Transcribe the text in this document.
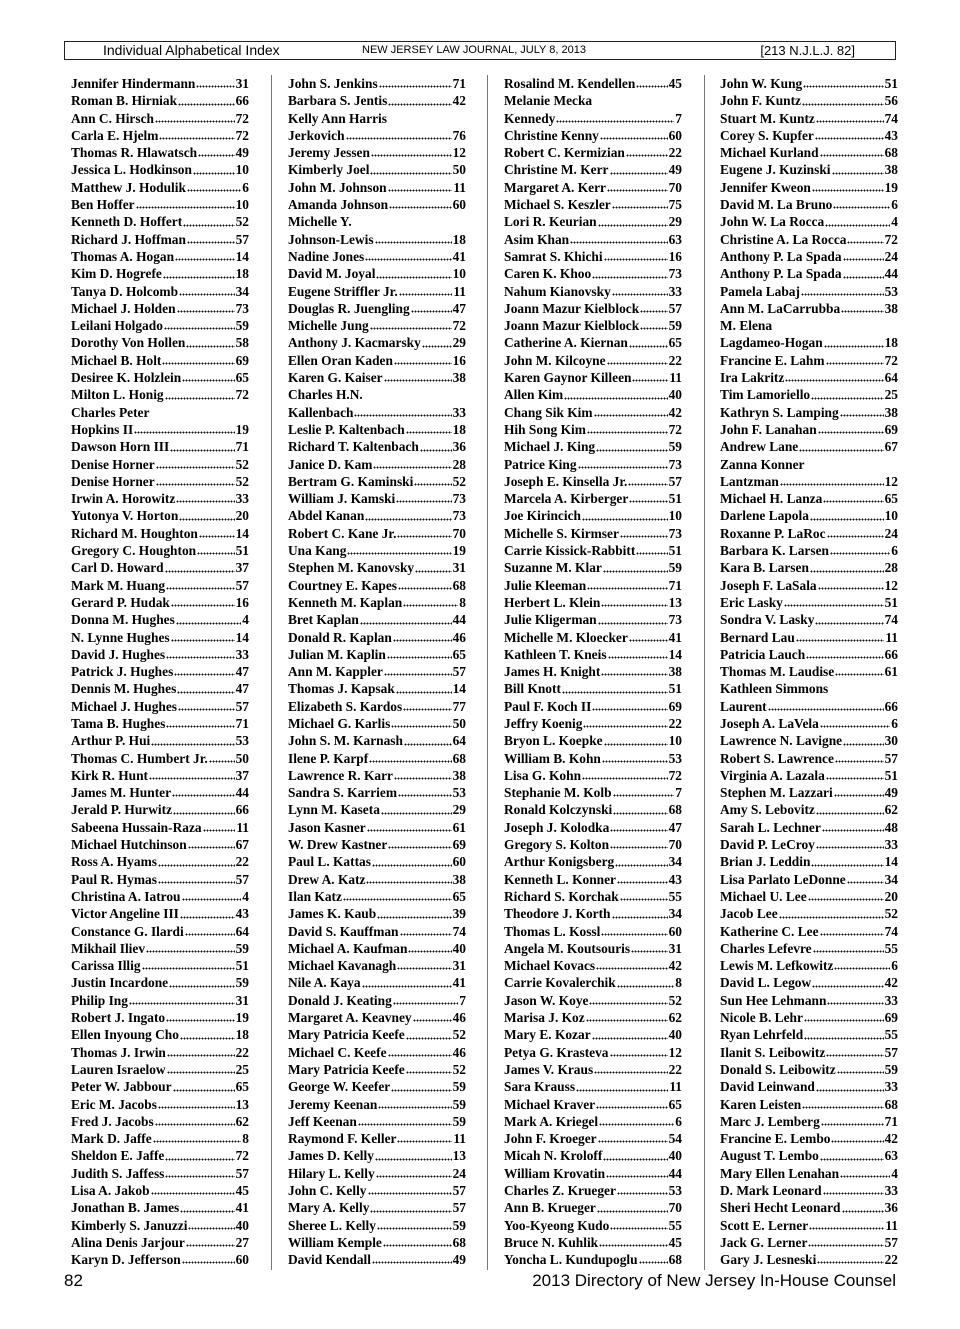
Individual Alphabetical Index	NEW JERSEY LAW JOURNAL, JULY 8, 2013	[213 N.J.L.J. 82]
Jennifer Hindermann	31
Roman B. Hirniak	66
Ann C. Hirsch	72
Carla E. Hjelm	72
Thomas R. Hlawatsch	49
Jessica L. Hodkinson	10
Matthew J. Hodulik	6
Ben Hoffer	10
Kenneth D. Hoffert	52
Richard J. Hoffman	57
Thomas A. Hogan	14
Kim D. Hogrefe	18
Tanya D. Holcomb	34
Michael J. Holden	73
Leilani Holgado	59
Dorothy Von Hollen	58
Michael B. Holt	69
Desiree K. Holzlein	65
Milton L. Honig	72
Charles Peter
Hopkins II	19
Dawson Horn III	71
Denise Horner	52
Denise Horner	52
Irwin A. Horowitz	33
Yutonya V. Horton	20
Richard M. Houghton	14
Gregory C. Houghton	51
Carl D. Howard	37
Mark M. Huang	57
Gerard P. Hudak	16
Donna M. Hughes	4
N. Lynne Hughes	14
David J. Hughes	33
Patrick J. Hughes	47
Dennis M. Hughes	47
Michael J. Hughes	57
Tama B. Hughes	71
Arthur P. Hui	53
Thomas C. Humbert Jr. 50
Kirk R. Hunt	37
James M. Hunter	44
Jerald P. Hurwitz	66
Sabeena Hussain-Raza	11
Michael Hutchinson	67
Ross A. Hyams	22
Paul R. Hymas	57
Christina A. Iatrou	4
Victor Angeline III	43
Constance G. Ilardi	64
Mikhail Iliev	59
Carissa Illig	51
Justin Incardone	59
Philip Ing	31
Robert J. Ingato	19
Ellen Inyoung Cho	18
Thomas J. Irwin	22
Lauren Israelow	25
Peter W. Jabbour	65
Eric M. Jacobs	13
Fred J. Jacobs	62
Mark D. Jaffe	8
Sheldon E. Jaffe	72
Judith S. Jaffess	57
Lisa A. Jakob	45
Jonathan B. James	41
Kimberly S. Januzzi	40
Alina Denis Jarjour	27
Karyn D. Jefferson	60
John S. Jenkins	71
Barbara S. Jentis	42
Kelly Ann Harris
Jerkovich	76
Jeremy Jessen	12
Kimberly Joel	50
John M. Johnson	11
Amanda Johnson	60
Michelle Y.
Johnson-Lewis	18
Nadine Jones	41
David M. Joyal	10
Eugene Striffler Jr.	11
Douglas R. Juengling	47
Michelle Jung	72
Anthony J. Kacmarsky 29
Ellen Oran Kaden	16
Karen G. Kaiser	38
Charles H.N.
Kallenbach	33
Leslie P. Kaltenbach	18
Richard T. Kaltenbach	36
Janice D. Kam	28
Bertram G. Kaminski	52
William J. Kamski	73
Abdel Kanan	73
Robert C. Kane Jr.	70
Una Kang	19
Stephen M. Kanovsky	31
Courtney E. Kapes	68
Kenneth M. Kaplan	8
Bret Kaplan	44
Donald R. Kaplan	46
Julian M. Kaplin	65
Ann M. Kappler	57
Thomas J. Kapsak	14
Elizabeth S. Kardos	77
Michael G. Karlis	50
John S. M. Karnash	64
Ilene P. Karpf	68
Lawrence R. Karr	38
Sandra S. Karriem	53
Lynn M. Kaseta	29
Jason Kasner	61
W. Drew Kastner	69
Paul L. Kattas	60
Drew A. Katz	38
Ilan Katz	65
James K. Kaub	39
David S. Kauffman	74
Michael A. Kaufman	40
Michael Kavanagh	31
Nile A. Kaya	41
Donald J. Keating	7
Margaret A. Keavney	46
Mary Patricia Keefe	52
Michael C. Keefe	46
Mary Patricia Keefe	52
George W. Keefer	59
Jeremy Keenan	59
Jeff Keenan	59
Raymond F. Keller	11
James D. Kelly	13
Hilary L. Kelly	24
John C. Kelly	57
Mary A. Kelly	57
Sheree L. Kelly	59
William Kemple	68
David Kendall	49
Rosalind M. Kendellen 45
Melanie Mecka
Kennedy	7
Christine Kenny	60
Robert C. Kermizian	22
Christine M. Kerr	49
Margaret A. Kerr	70
Michael S. Keszler	75
Lori R. Keurian	29
Asim Khan	63
Samrat S. Khichi	16
Caren K. Khoo	73
Nahum Kianovsky	33
Joann Mazur Kielblock 57
Joann Mazur Kielblock 59
Catherine A. Kiernan	65
John M. Kilcoyne	22
Karen Gaynor Killeen	11
Allen Kim	40
Chang Sik Kim	42
Hih Song Kim	72
Michael J. King	59
Patrice King	73
Joseph E. Kinsella Jr.	57
Marcela A. Kirberger	51
Joe Kirincich	10
Michelle S. Kirmser	73
Carrie Kissick-Rabbitt 51
Suzanne M. Klar	59
Julie Kleeman	71
Herbert L. Klein	13
Julie Kligerman	73
Michelle M. Kloecker	41
Kathleen T. Kneis	14
James H. Knight	38
Bill Knott	51
Paul F. Koch II	69
Jeffry Koenig	22
Bryon L. Koepke	10
William B. Kohn	53
Lisa G. Kohn	72
Stephanie M. Kolb	7
Ronald Kolczynski	68
Joseph J. Kolodka	47
Gregory S. Kolton	70
Arthur Konigsberg	34
Kenneth L. Konner	43
Richard S. Korchak	55
Theodore J. Korth	34
Thomas L. Kossl	60
Angela M. Koutsouris	31
Michael Kovacs	42
Carrie Kovalerchik	8
Jason W. Koye	52
Marisa J. Koz	62
Mary E. Kozar	40
Petya G. Krasteva	12
James V. Kraus	22
Sara Krauss	11
Michael Kraver	65
Mark A. Kriegel	6
John F. Kroeger	54
Micah N. Kroloff	40
William Krovatin	44
Charles Z. Krueger	53
Ann B. Krueger	70
Yoo-Kyeong Kudo	55
Bruce N. Kuhlik	45
Yoncha L. Kundupoglu 68
John W. Kung	51
John F. Kuntz	56
Stuart M. Kuntz	74
Corey S. Kupfer	43
Michael Kurland	68
Eugene J. Kuzinski	38
Jennifer Kweon	19
David M. La Bruno	6
John W. La Rocca	4
Christine A. La Rocca	72
Anthony P. La Spada	24
Anthony P. La Spada	44
Pamela Labaj	53
Ann M. LaCarrubba	38
M. Elena
Lagdameo-Hogan	18
Francine E. Lahm	72
Ira Lakritz	64
Tim Lamoriello	25
Kathryn S. Lamping	38
John F. Lanahan	69
Andrew Lane	67
Zanna Konner
Lantzman	12
Michael H. Lanza	65
Darlene Lapola	10
Roxanne P. LaRoc	24
Barbara K. Larsen	6
Kara B. Larsen	28
Joseph F. LaSala	12
Eric Lasky	51
Sondra V. Lasky	74
Bernard Lau	11
Patricia Lauch	66
Thomas M. Laudise	61
Kathleen Simmons
Laurent	66
Joseph A. LaVela	6
Lawrence N. Lavigne	30
Robert S. Lawrence	57
Virginia A. Lazala	51
Stephen M. Lazzari	49
Amy S. Lebovitz	62
Sarah L. Lechner	48
David P. LeCroy	33
Brian J. Leddin	14
Lisa Parlato LeDonne	34
Michael U. Lee	20
Jacob Lee	52
Katherine C. Lee	74
Charles Lefevre	55
Lewis M. Lefkowitz	6
David L. Legow	42
Sun Hee Lehmann	33
Nicole B. Lehr	69
Ryan Lehrfeld	55
Ilanit S. Leibowitz	57
Donald S. Leibowitz	59
David Leinwand	33
Karen Leisten	68
Marc J. Lemberg	71
Francine E. Lembo	42
August T. Lembo	63
Mary Ellen Lenahan	4
D. Mark Leonard	33
Sheri Hecht Leonard	36
Scott E. Lerner	11
Jack G. Lerner	57
Gary J. Lesneski	22
82	2013 Directory of New Jersey In-House Counsel
